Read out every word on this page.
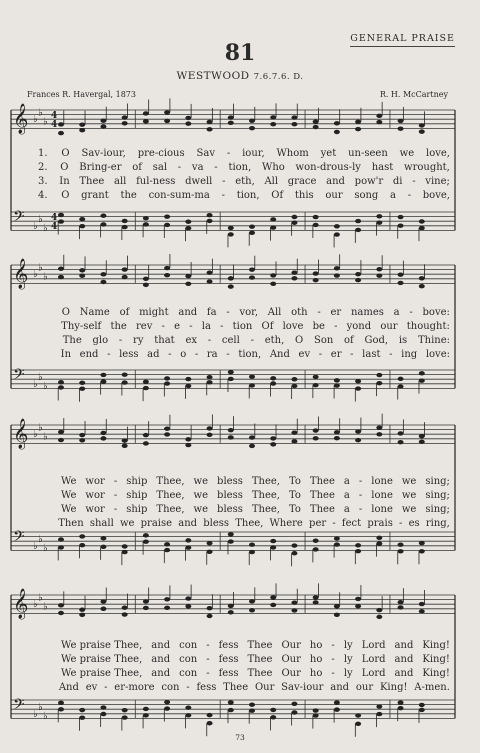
GENERAL PRAISE
81
WESTWOOD 7.6.7.6. D.
Frances R. Havergal, 1873	R. H. McCartney
𝄞 ♭
♭
♭
𝄢 ♭
♭
♭
4
4
4
4
𝄞 ♭
♭
♭
𝄢 ♭
♭
♭
𝄞 ♭
♭
♭
𝄢 ♭
♭
♭
𝄞 ♭
♭
♭
𝄢 ♭
♭
♭
1. O Sav-iour, pre-cious Sav - iour, Whom yet un-seen we love,
2. O Bring-er of sal - va - tion, Who won-drous-ly hast wrought,
3. In Thee all ful-ness dwell - eth, All grace and pow'r di - vine;
4. O grant the con-sum-ma - tion, Of this our song a - bove,
O Name of might and fa - vor, All oth - er names a - bove:
Thy-self the rev - e - la - tion Of love be - yond our thought:
The glo - ry that ex - cell - eth, O Son of God, is Thine:
In end - less ad - o - ra - tion, And ev - er - last - ing love:
We wor - ship Thee, we bless Thee, To Thee a - lone we sing;
We wor - ship Thee, we bless Thee, To Thee a - lone we sing;
We wor - ship Thee, we bless Thee, To Thee a - lone we sing;
Then shall we praise and bless Thee, Where per - fect prais - es ring,
We praise Thee, and con - fess Thee Our ho - ly Lord and King!
We praise Thee, and con - fess Thee Our ho - ly Lord and King!
We praise Thee, and con - fess Thee Our ho - ly Lord and King!
And ev - er-more con - fess Thee Our Sav-iour and our King! A-men.
73
